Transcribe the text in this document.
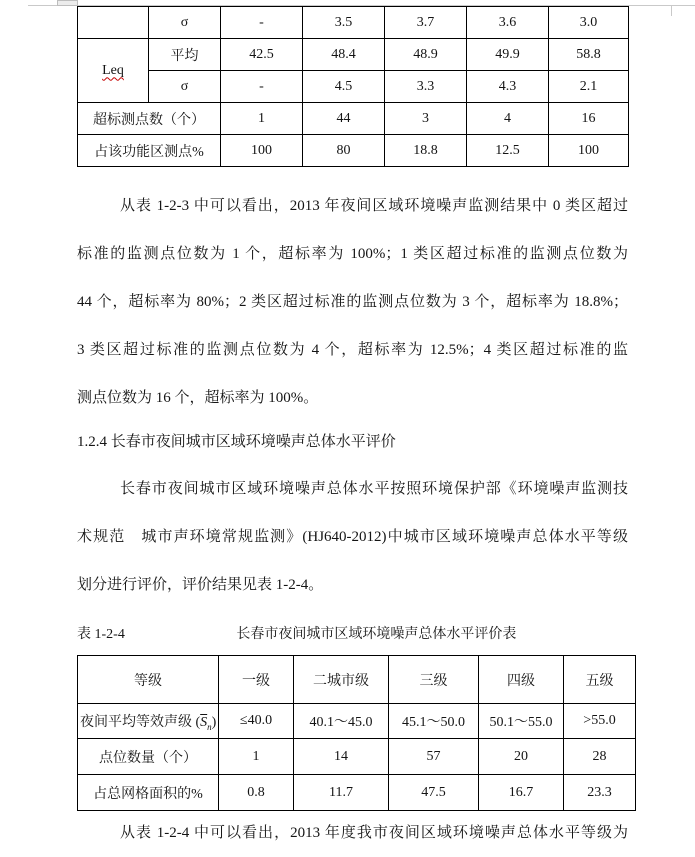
	σ	-	3.5	3.7	3.6	3.0
Leq	平均	42.5	48.4	48.9	49.9	58.8
	σ	-	4.5	3.3	4.3	2.1
超标测点数（个）		1	44	3	4	16
占该功能区测点%		100	80	18.8	12.5	100
从表 1-2-3 中可以看出，2013 年夜间区域环境噪声监测结果中 0 类区超过
标准的监测点位数为 1 个，超标率为 100%；1 类区超过标准的监测点位数为
44 个，超标率为 80%；2 类区超过标准的监测点位数为 3 个，超标率为 18.8%；
3 类区超过标准的监测点位数为 4 个，超标率为 12.5%；4 类区超过标准的监
测点位数为 16 个，超标率为 100%。
1.2.4 长春市夜间城市区域环境噪声总体水平评价
长春市夜间城市区域环境噪声总体水平按照环境保护部《环境噪声监测技
术规范　城市声环境常规监测》(HJ640-2012)中城市区域环境噪声总体水平等级
划分进行评价，评价结果见表 1-2-4。
表 1-2-4	长春市夜间城市区域环境噪声总体水平评价表
等级	一级	二城市级	三级	四级	五级
夜间平均等效声级 $(\overline{S}_n)$	≤40.0	40.1～45.0	45.1～50.0	50.1～55.0	>55.0
点位数量（个）	1	14	57	20	28
占总网格面积的%	0.8	11.7	47.5	16.7	23.3
从表 1-2-4 中可以看出，2013 年度我市夜间区域环境噪声总体水平等级为
